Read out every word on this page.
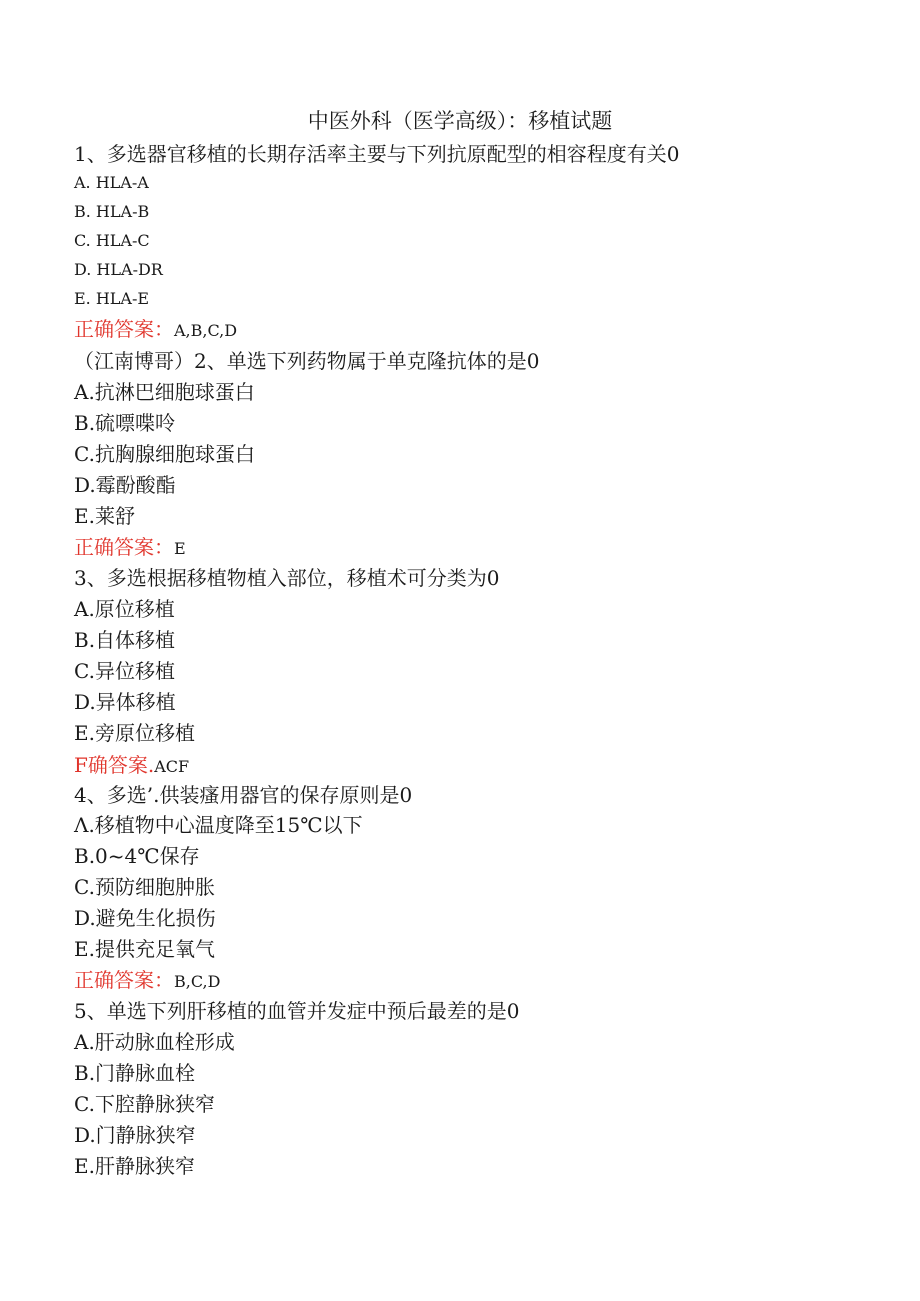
中医外科（医学高级）：移植试题
1、多选器官移植的长期存活率主要与下列抗原配型的相容程度有关0
A. HLA-A
B. HLA-B
C. HLA-C
D. HLA-DR
E. HLA-E
正确答案：A,B,C,D
（江南博哥）2、单选下列药物属于单克隆抗体的是0
A.抗淋巴细胞球蛋白
B.硫嘌喋呤
C.抗胸腺细胞球蛋白
D.霉酚酸酯
E.莱舒
正确答案：E
3、多选根据移植物植入部位，移植术可分类为0
A.原位移植
B.自体移植
C.异位移植
D.异体移植
E.旁原位移植
F确答案.ACF
4、多选’.供装瘙用器官的保存原则是0
Λ.移植物中心温度降至15℃以下
B.0~4℃保存
C.预防细胞肿胀
D.避免生化损伤
E.提供充足氧气
正确答案：B,C,D
5、单选下列肝移植的血管并发症中预后最差的是0
A.肝动脉血栓形成
B.门静脉血栓
C.下腔静脉狭窄
D.门静脉狭窄
E.肝静脉狭窄
